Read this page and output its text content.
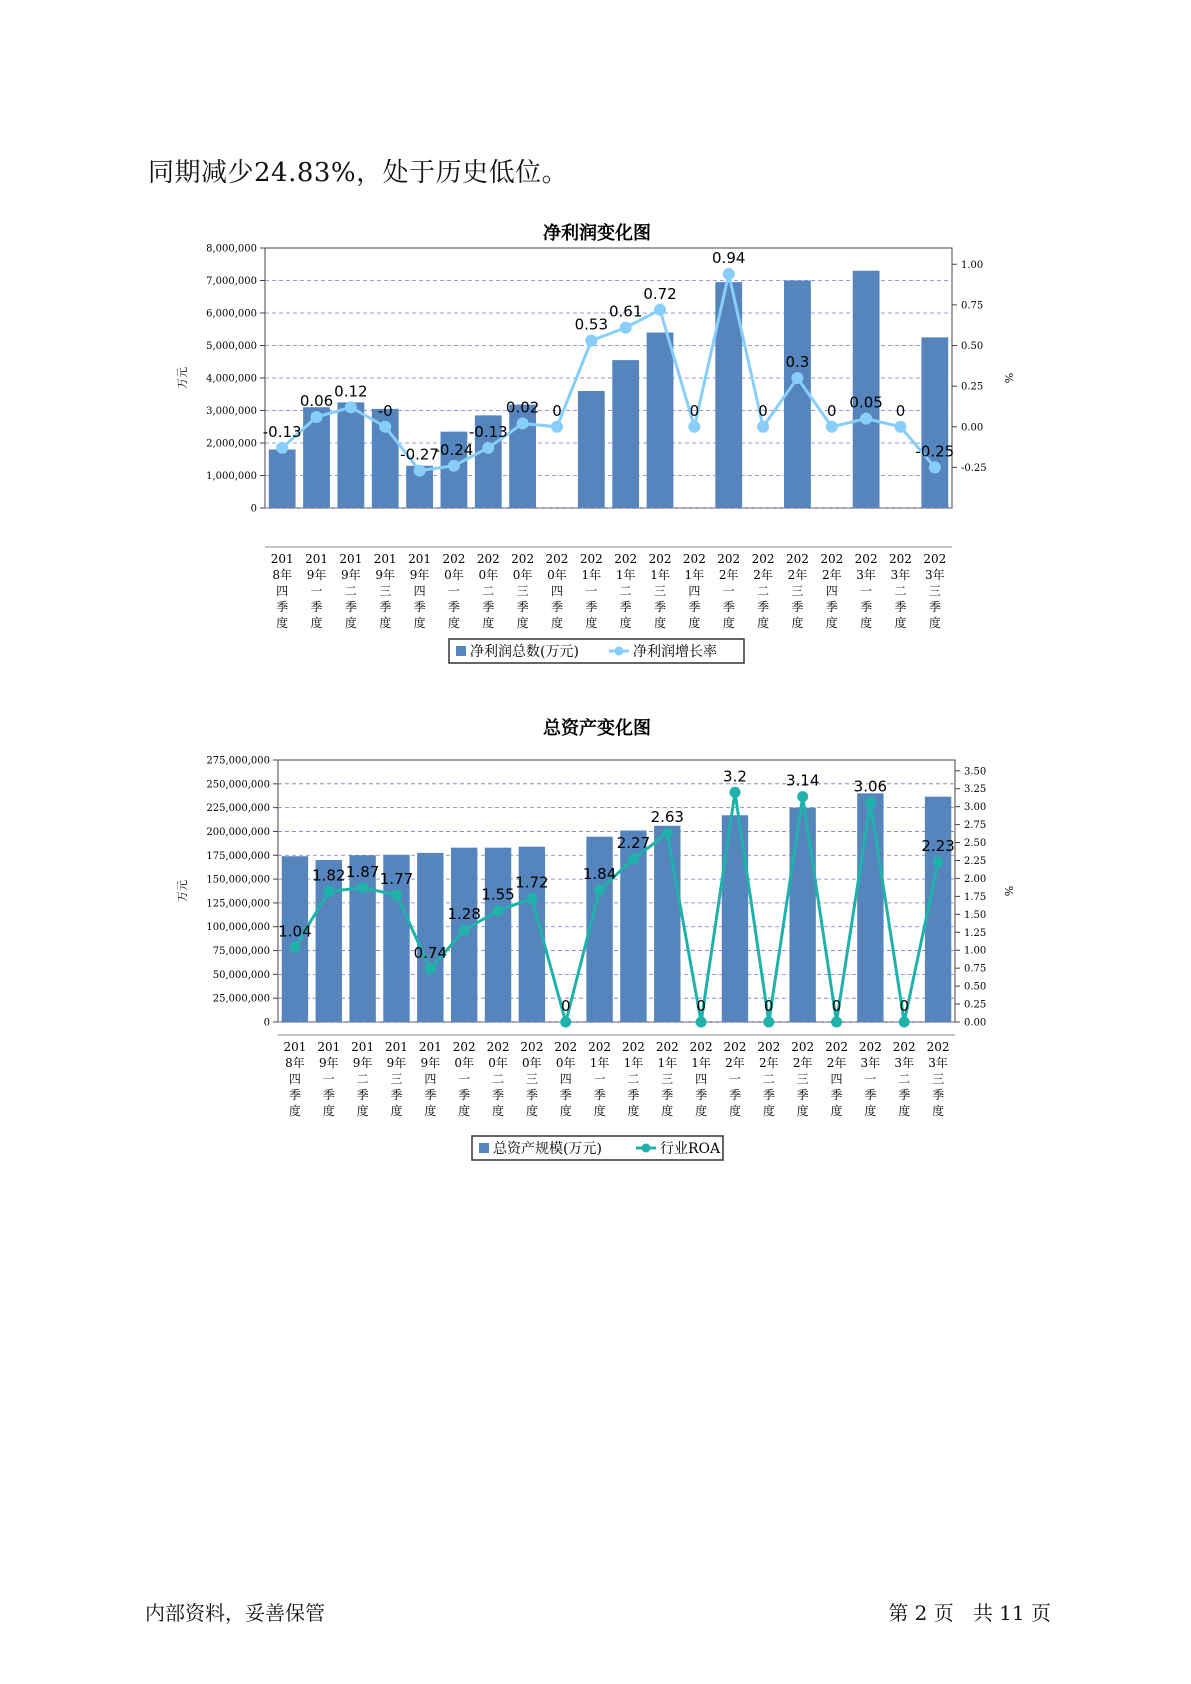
同期减少24.83%，处于历史低位。

净利润变化图
0
1,000,000
2,000,000
3,000,000
4,000,000
5,000,000
6,000,000
7,000,000
8,000,000
-0.25
0.00
0.25
0.50
0.75
1.00
万元	%
-0.13
0.06
0.12
-0
-0.27
-0.24
-0.13
0.02 0
0.53
0.61
0.72
0
0.94
0
0.3
0 0.05 0
-0.25
201
8年
四
季
度
201
9年
一
季
度
201
9年
二
季
度
201
9年
三
季
度
201
9年
四
季
度
202
0年
一
季
度
202
0年
二
季
度
202
0年
三
季
度
202
0年
四
季
度
202
1年
一
季
度
202
1年
二
季
度
202
1年
三
季
度
202
1年
四
季
度
202
2年
一
季
度
202
2年
二
季
度
202
2年
三
季
度
202
2年
四
季
度
202
3年
一
季
度
202
3年
二
季
度
202
3年
三
季
度
净利润总数(万元)	净利润增长率
总资产变化图
0
25,000,000
50,000,000
75,000,000
100,000,000
125,000,000
150,000,000
175,000,000
200,000,000
225,000,000
250,000,000
275,000,000
0.00
0.25
0.50
0.75
1.00
1.25
1.50
1.75
2.00
2.25
2.50
2.75
3.00
3.25
3.50
万元	%
1.04
1.82 1.87 1.77
0.74
1.28
1.55
1.72
0
1.84
2.27
2.63
0
3.2
0
3.14
0
3.06
0
2.23
201
8年
四
季
度
201
9年
一
季
度
201
9年
二
季
度
201
9年
三
季
度
201
9年
四
季
度
202
0年
一
季
度
202
0年
二
季
度
202
0年
三
季
度
202
0年
四
季
度
202
1年
一
季
度
202
1年
二
季
度
202
1年
三
季
度
202
1年
四
季
度
202
2年
一
季
度
202
2年
二
季
度
202
2年
三
季
度
202
2年
四
季
度
202
3年
一
季
度
202
3年
二
季
度
202
3年
三
季
度
总资产规模(万元)	行业ROA
内部资料，妥善保管	第 2 页   共 11 页
